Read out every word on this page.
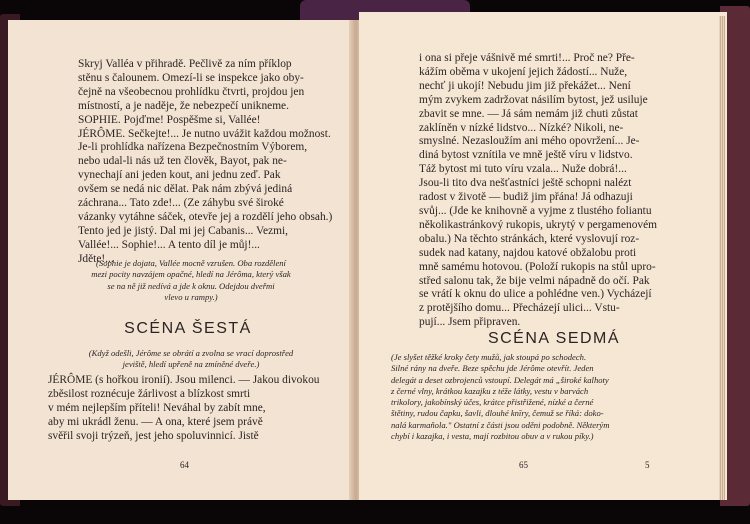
Skryj Valléa v přihradě. Pečlivě za ním příklop
stěnu s čalounem. Omezí-li se inspekce jako oby-
čejně na všeobecnou prohlídku čtvrti, projdou jen
místností, a je naděje, že nebezpečí unikneme.
SOPHIE. Pojďme! Pospěšme si, Vallée!
JÉRÔME. Sečkejte!... Je nutno uvážit každou možnost.
Je-li prohlídka nařízena Bezpečnostním Výborem,
nebo udal-li nás už ten člověk, Bayot, pak ne-
vynechají ani jeden kout, ani jednu zeď. Pak
ovšem se nedá nic dělat. Pak nám zbývá jediná
záchrana... Tato zde!... (Ze záhybu své široké
vázanky vytáhne sáček, otevře jej a rozdělí jeho obsah.)
Tento jed je jistý. Dal mi jej Cabanis... Vezmi,
Vallée!... Sophie!... A tento díl je můj!...
Jděte!...
(Sophie je dojata, Vallée mocně vzrušen. Oba rozdělení
mezi pocity navzájem opačné, hledí na Jérôma, který však
se na ně již nedívá a jde k oknu. Odejdou dveřmi
vlevo u rampy.)
SCÉNA ŠESTÁ
(Když odešli, Jérôme se obrátí a zvolna se vrací doprostřed
jeviště, hledí upřeně na zmíněné dveře.)
JÉRÔME (s hořkou ironií). Jsou milenci. — Jakou divokou
zběsilost roznécuje žárlivost a blízkost smrti
v mém nejlepším příteli! Neváhal by zabít mne,
aby mi ukrádl ženu. — A ona, které jsem právě
svěřil svoji trýzeň, jest jeho spoluvinnicí. Jistě
64
i ona si přeje vášnivě mé smrti!... Proč ne? Pře-
kážím oběma v ukojení jejich žádostí... Nuže,
nechť ji ukojí! Nebudu jim již překážet... Není
mým zvykem zadržovat násilím bytost, jež usiluje
zbavit se mne. — Já sám nemám již chuti zůstat
zaklíněn v nízké lidstvo... Nízké? Nikoli, ne-
smyslné. Nezasloužím ani mého opovržení... Je-
diná bytost vznítila ve mně ještě víru v lidstvo.
Táž bytost mi tuto víru vzala... Nuže dobrá!...
Jsou-li tito dva nešťastníci ještě schopni nalézt
radost v životě — budiž jim přána! Já odhazuji
svůj... (Jde ke knihovně a vyjme z tlustého foliantu
několikastránkový rukopis, ukrytý v pergamenovém
obalu.) Na těchto stránkách, které vyslovují roz-
sudek nad katany, najdou katové obžalobu proti
mně samému hotovou. (Položí rukopis na stůl upro-
střed salonu tak, že bije velmi nápadně do očí. Pak
se vrátí k oknu do ulice a pohlédne ven.) Vycházejí
z protějšího domu... Přecházejí ulici... Vstu-
pují... Jsem připraven.
SCÉNA SEDMÁ
(Je slyšet těžké kroky čety mužů, jak stoupá po schodech.
Silné rány na dveře. Beze spěchu jde Jérôme otevřít. Jeden
delegát a deset ozbrojenců vstoupí. Delegát má „široké kalhoty
z černé vlny, krátkou kazajku z téže látky, vestu v barvách
trikolory, jakobínský účes, krátce přistřižené, nízké a černé
štětiny, rudou čapku, šavli, dlouhé knīry, čemuž se říká: doko-
nalá karmaňola." Ostatní z části jsou oděni podobně. Některým
chybí i kazajka, i vesta, mají rozbitou obuv a v rukou píky.)
65	5
